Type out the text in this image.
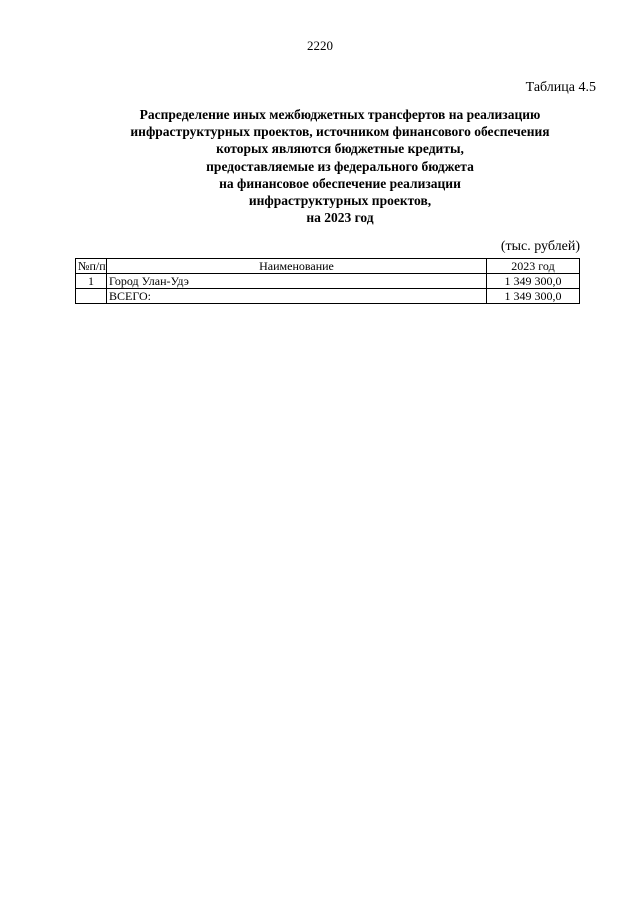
2220
Таблица 4.5
Распределение иных межбюджетных трансфертов на реализацию
инфраструктурных проектов, источником финансового обеспечения
которых являются бюджетные кредиты,
предоставляемые из федерального бюджета
на финансовое обеспечение реализации
инфраструктурных проектов,
на 2023 год
(тыс. рублей)
№п/п	Наименование	2023 год
1	Город Улан-Удэ	1 349 300,0
	ВСЕГО:	1 349 300,0
